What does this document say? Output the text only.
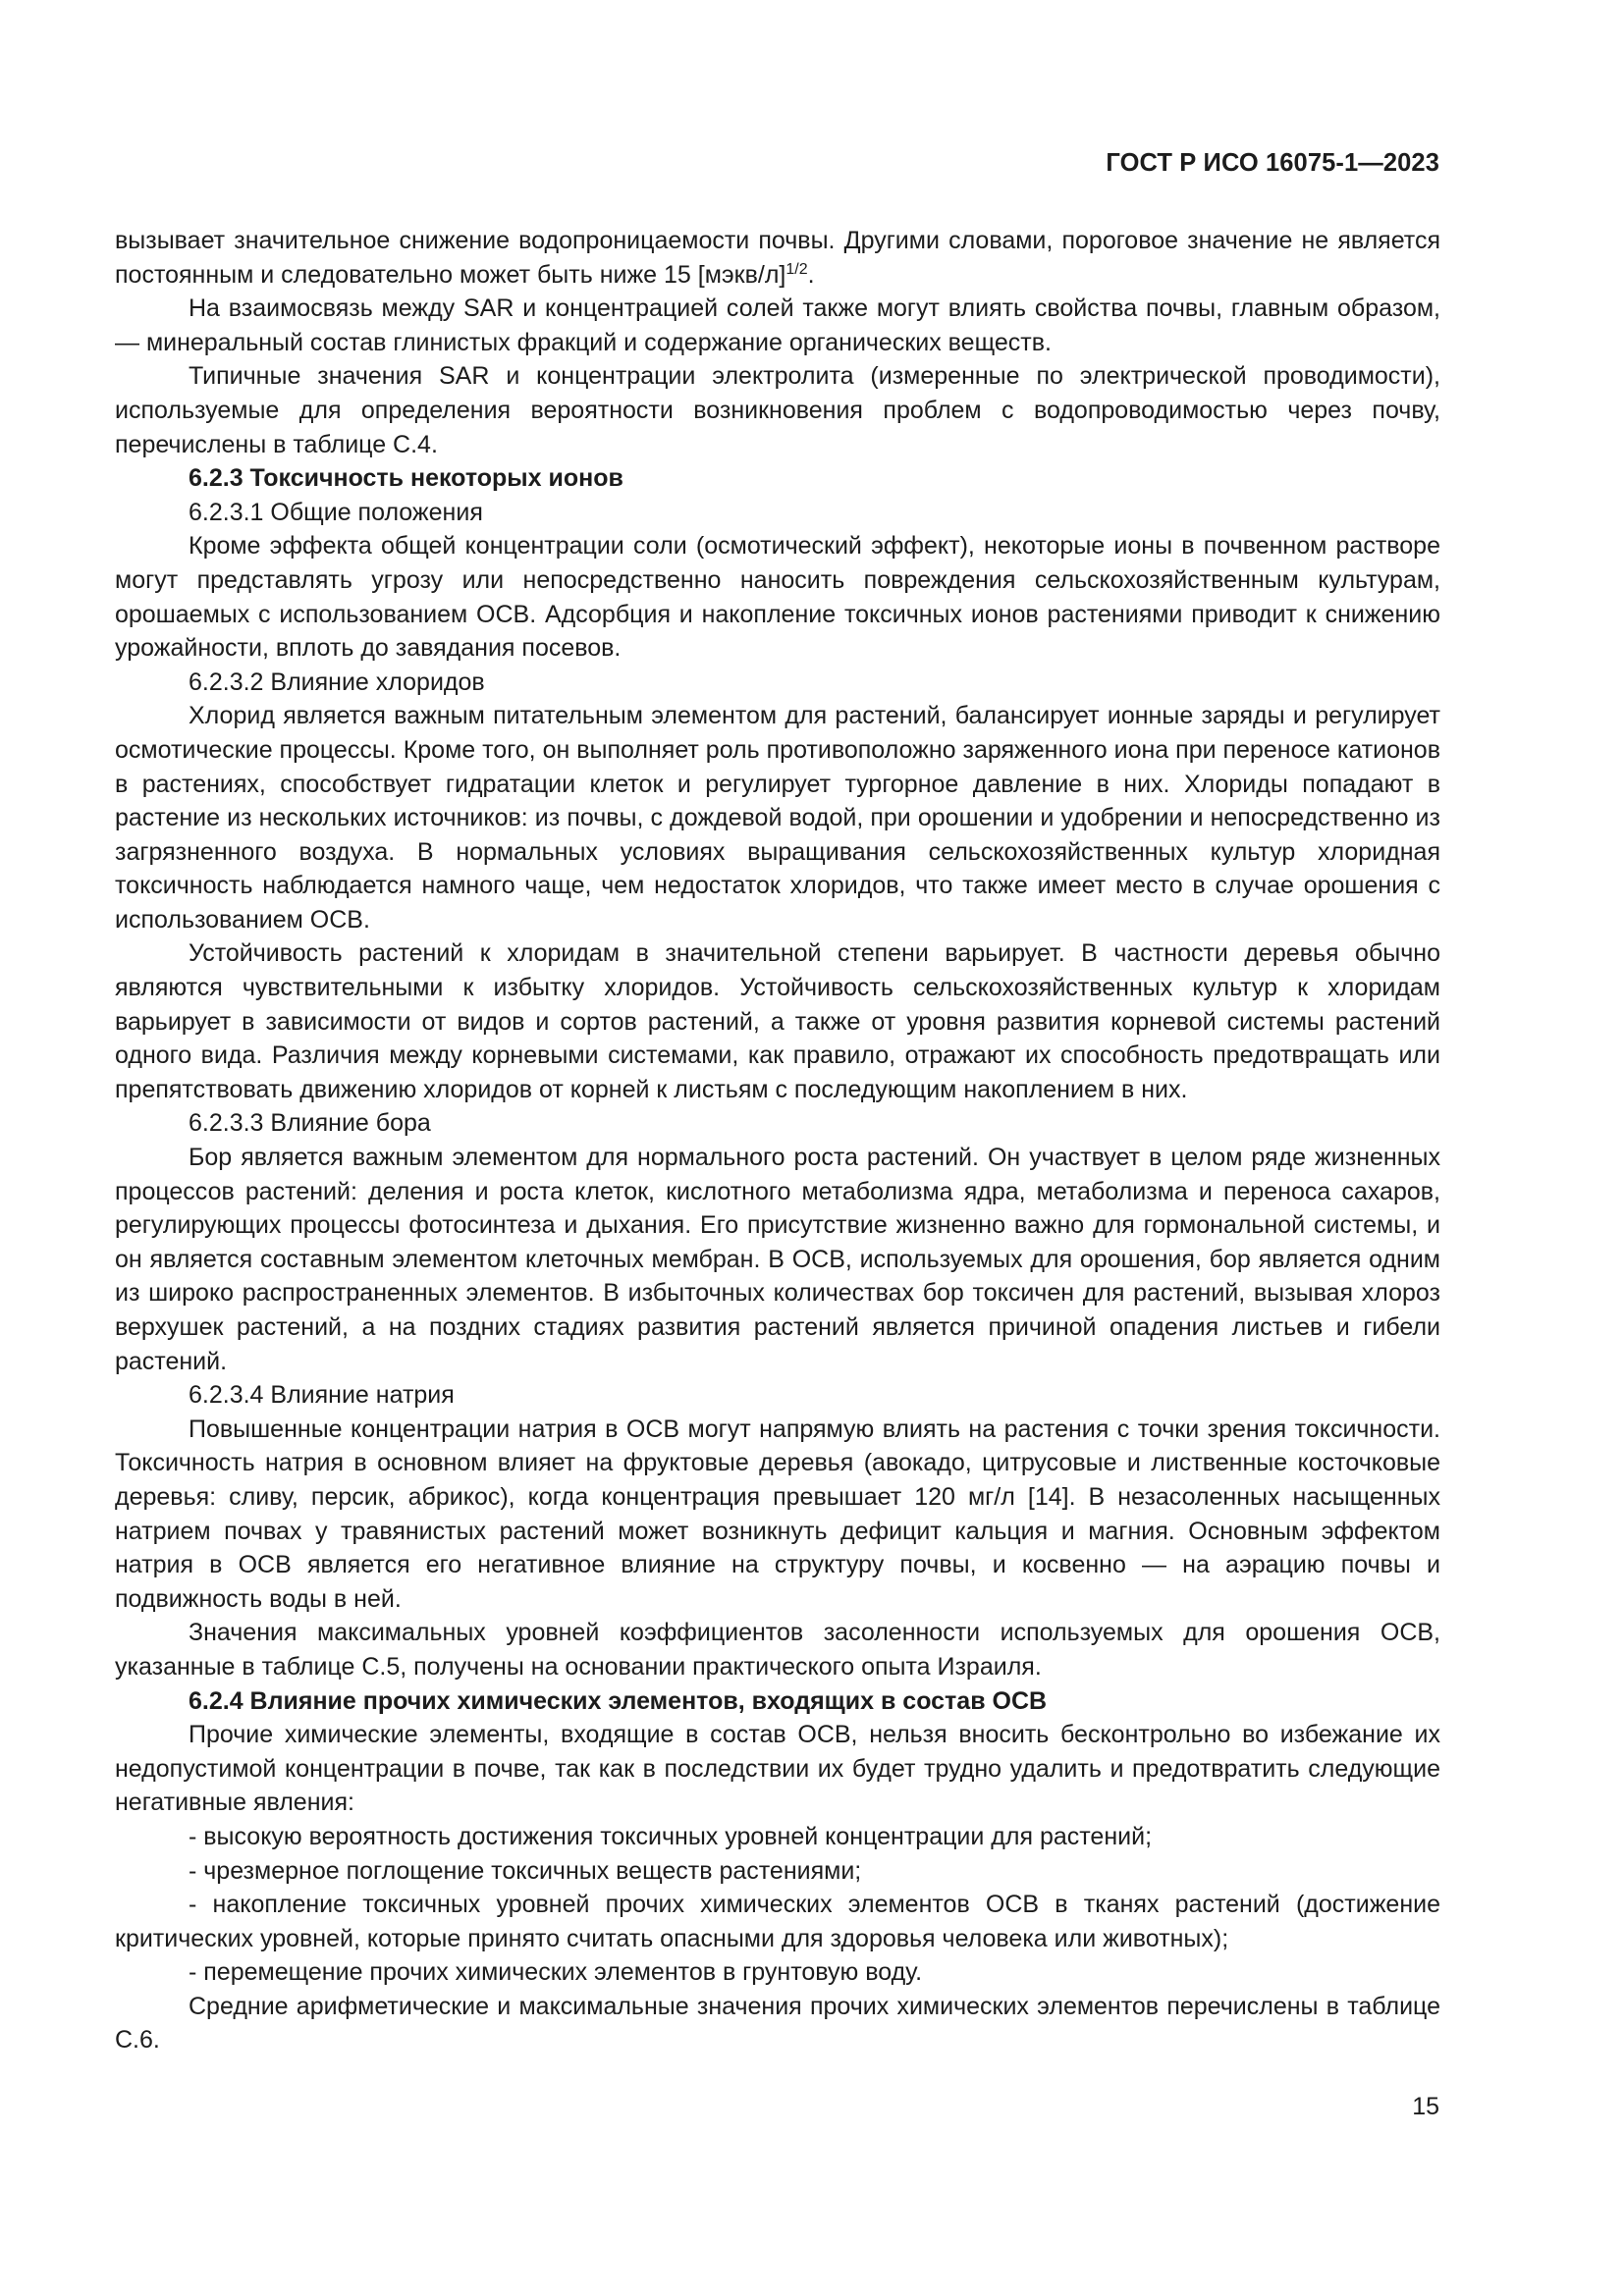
ГОСТ Р ИСО 16075-1—2023

вызывает значительное снижение водопроницаемости почвы. Другими словами, пороговое значение не является постоянным и следовательно может быть ниже 15 [мэкв/л]$^{1/2}$.

На взаимосвязь между SAR и концентрацией солей также могут влиять свойства почвы, главным образом, — минеральный состав глинистых фракций и содержание органических веществ.

Типичные значения SAR и концентрации электролита (измеренные по электрической проводимости), используемые для определения вероятности возникновения проблем с водопроводимостью через почву, перечислены в таблице С.4.

6.2.3 Токсичность некоторых ионов

6.2.3.1 Общие положения

Кроме эффекта общей концентрации соли (осмотический эффект), некоторые ионы в почвенном растворе могут представлять угрозу или непосредственно наносить повреждения сельскохозяйственным культурам, орошаемых с использованием ОСВ. Адсорбция и накопление токсичных ионов растениями приводит к снижению урожайности, вплоть до завядания посевов.

6.2.3.2 Влияние хлоридов

Хлорид является важным питательным элементом для растений, балансирует ионные заряды и регулирует осмотические процессы. Кроме того, он выполняет роль противоположно заряженного иона при переносе катионов в растениях, способствует гидратации клеток и регулирует тургорное давление в них. Хлориды попадают в растение из нескольких источников: из почвы, с дождевой водой, при орошении и удобрении и непосредственно из загрязненного воздуха. В нормальных условиях выращивания сельскохозяйственных культур хлоридная токсичность наблюдается намного чаще, чем недостаток хлоридов, что также имеет место в случае орошения с использованием ОСВ.

Устойчивость растений к хлоридам в значительной степени варьирует. В частности деревья обычно являются чувствительными к избытку хлоридов. Устойчивость сельскохозяйственных культур к хлоридам варьирует в зависимости от видов и сортов растений, а также от уровня развития корневой системы растений одного вида. Различия между корневыми системами, как правило, отражают их способность предотвращать или препятствовать движению хлоридов от корней к листьям с последующим накоплением в них.

6.2.3.3 Влияние бора

Бор является важным элементом для нормального роста растений. Он участвует в целом ряде жизненных процессов растений: деления и роста клеток, кислотного метаболизма ядра, метаболизма и переноса сахаров, регулирующих процессы фотосинтеза и дыхания. Его присутствие жизненно важно для гормональной системы, и он является составным элементом клеточных мембран. В ОСВ, используемых для орошения, бор является одним из широко распространенных элементов. В избыточных количествах бор токсичен для растений, вызывая хлороз верхушек растений, а на поздних стадиях развития растений является причиной опадения листьев и гибели растений.

6.2.3.4 Влияние натрия

Повышенные концентрации натрия в ОСВ могут напрямую влиять на растения с точки зрения токсичности. Токсичность натрия в основном влияет на фруктовые деревья (авокадо, цитрусовые и лиственные косточковые деревья: сливу, персик, абрикос), когда концентрация превышает 120 мг/л [14]. В незасоленных насыщенных натрием почвах у травянистых растений может возникнуть дефицит кальция и магния. Основным эффектом натрия в ОСВ является его негативное влияние на структуру почвы, и косвенно — на аэрацию почвы и подвижность воды в ней.

Значения максимальных уровней коэффициентов засоленности используемых для орошения ОСВ, указанные в таблице С.5, получены на основании практического опыта Израиля.

6.2.4 Влияние прочих химических элементов, входящих в состав ОСВ

Прочие химические элементы, входящие в состав ОСВ, нельзя вносить бесконтрольно во избежание их недопустимой концентрации в почве, так как в последствии их будет трудно удалить и предотвратить следующие негативные явления:

- высокую вероятность достижения токсичных уровней концентрации для растений;

- чрезмерное поглощение токсичных веществ растениями;

- накопление токсичных уровней прочих химических элементов ОСВ в тканях растений (достижение критических уровней, которые принято считать опасными для здоровья человека или животных);

- перемещение прочих химических элементов в грунтовую воду.

Средние арифметические и максимальные значения прочих химических элементов перечислены в таблице С.6.

15
